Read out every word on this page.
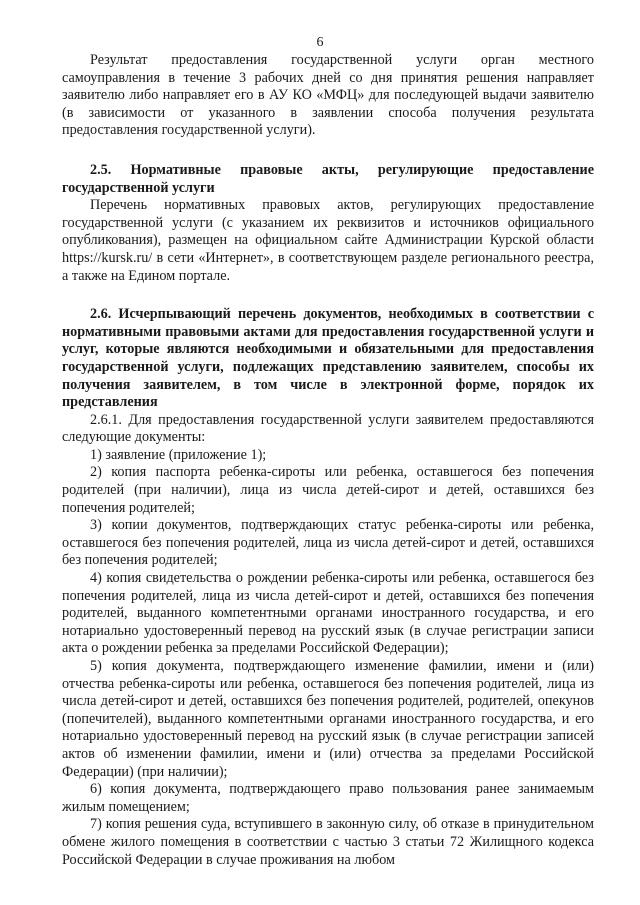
6

Результат предоставления государственной услуги орган местного самоуправления в течение 3 рабочих дней со дня принятия решения направляет заявителю либо направляет его в АУ КО «МФЦ» для последующей выдачи заявителю (в зависимости от указанного в заявлении способа получения результата предоставления государственной услуги).

2.5. Нормативные правовые акты, регулирующие предоставление государственной услуги

Перечень нормативных правовых актов, регулирующих предоставление государственной услуги (с указанием их реквизитов и источников официального опубликования), размещен на официальном сайте Администрации Курской области https://kursk.ru/ в сети «Интернет», в соответствующем разделе регионального реестра, а также на Едином портале.

2.6. Исчерпывающий перечень документов, необходимых в соответствии с нормативными правовыми актами для предоставления государственной услуги и услуг, которые являются необходимыми и обязательными для предоставления государственной услуги, подлежащих представлению заявителем, способы их получения заявителем, в том числе в электронной форме, порядок их представления

2.6.1. Для предоставления государственной услуги заявителем предоставляются следующие документы:

1) заявление (приложение 1);

2) копия паспорта ребенка-сироты или ребенка, оставшегося без попечения родителей (при наличии), лица из числа детей-сирот и детей, оставшихся без попечения родителей;

3) копии документов, подтверждающих статус ребенка-сироты или ребенка, оставшегося без попечения родителей, лица из числа детей-сирот и детей, оставшихся без попечения родителей;

4) копия свидетельства о рождении ребенка-сироты или ребенка, оставшегося без попечения родителей, лица из числа детей-сирот и детей, оставшихся без попечения родителей, выданного компетентными органами иностранного государства, и его нотариально удостоверенный перевод на русский язык (в случае регистрации записи акта о рождении ребенка за пределами Российской Федерации);

5) копия документа, подтверждающего изменение фамилии, имени и (или) отчества ребенка-сироты или ребенка, оставшегося без попечения родителей, лица из числа детей-сирот и детей, оставшихся без попечения родителей, родителей, опекунов (попечителей), выданного компетентными органами иностранного государства, и его нотариально удостоверенный перевод на русский язык (в случае регистрации записей актов об изменении фамилии, имени и (или) отчества за пределами Российской Федерации) (при наличии);

6) копия документа, подтверждающего право пользования ранее занимаемым жилым помещением;

7) копия решения суда, вступившего в законную силу, об отказе в принудительном обмене жилого помещения в соответствии с частью 3 статьи 72 Жилищного кодекса Российской Федерации в случае проживания на любом
